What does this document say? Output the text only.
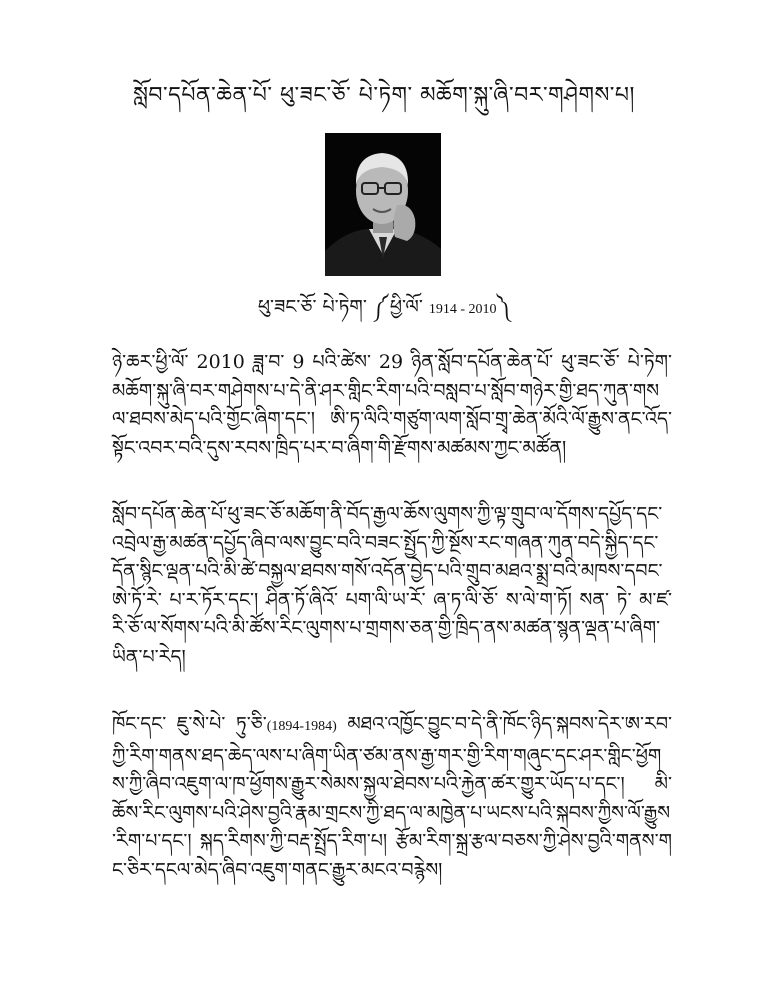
སློབ་དཔོན་ཆེན་པོ་ ཕུ་ཟང་ཅོ་ པེ་ཏེག་ མཆོག་སྐུ་ཞི་བར་གཤེགས་པ།
ཕུ་ཟང་ཅོ་ པེ་ཏེག་ ༼ཕྱི་ལོ་ 1914 - 2010༽
ཉེ་ཆར་ཕྱི་ལོ་ 2010 ཟླ་བ་ 9 པའི་ཚེས་ 29 ཉིན་སློབ་དཔོན་ཆེན་པོ་ ཕུ་ཟང་ཅོ་ པེ་ཏེག་ མཆོག་སྐུ་ཞི་བར་གཤེགས་པ་དེ་ནི་ཤར་གླིང་རིག་པའི་བསླབ་པ་སློབ་གཉེར་གྱི་ཐད་ཀུན་གསལ་ཐབས་མེད་པའི་གྱོང་ཞིག་དང་། ཨི་ཏ་ལིའི་གཙུག་ལག་སློབ་གྲྭ་ཆེན་མོའི་ལོ་རྒྱུས་ནང་འོད་སྟོང་འབར་བའི་དུས་རབས་ཁྲིད་པར་བ་ཞིག་གི་རྫོགས་མཚམས་ཀྱང་མཚོན།
སློབ་དཔོན་ཆེན་པོ་ཕུ་ཟང་ཅོ་མཆོག་ནི་བོད་རྒྱལ་ཆོས་ལུགས་ཀྱི་ལྟ་གྲུབ་ལ་དོགས་དཔྱོད་དང་འབྲེལ་རྒྱ་མཚན་དཔྱོད་ཞིབ་ལས་བྱུང་བའི་བཟང་སྤྱོད་ཀྱི་སྔོས་རང་གཞན་ཀུན་བདེ་སྐྱིད་དང་དོན་སྙིང་ལྡན་པའི་མི་ཚེ་བསྐྱལ་ཐབས་གསོ་འདོན་བྱེད་པའི་གྲུབ་མཐའ་སྨྲ་བའི་མཁས་དབང་ཨེ་ཏོ་རེ་ པ་ར་ཏོར་དང་། ཤིན་ཏོ་ཞིའོ་ པག་ལི་ཡ་རོ་ ཞ་ཏ་ལི་ཅོ་ ས་ལེ་ག་ཏོ། སན་ ཏེ་ མ་ཛ་རི་ཅོ་ལ་སོགས་པའི་མི་ཚོས་རིང་ལུགས་པ་གྲགས་ཅན་གྱི་ཁྲིད་ནས་མཚན་སྙན་ལྡན་པ་ཞིག་ཡིན་པ་རེད།
ཁོང་དང་ ཇུ་སེ་པེ་ ཏུ་ཅི་(1894-1984) མཐའ་འཁྱོང་བྱུང་བ་དེ་ནི་ཁོང་ཉིད་སྐབས་དེར་ཨ་རབ་ ཀྱི་རིག་གནས་ཐད་ཆེད་ལས་པ་ཞིག་ཡིན་ཙམ་ནས་རྒྱ་གར་གྱི་རིག་གཞུང་དང་ཤར་གླིང་ཕྱོགས་ཀྱི་ཞིབ་འཇུག་ལ་ཁ་ཕྱོགས་རྒྱུར་སེམས་སྐྱལ་ཐེབས་པའི་རྐྱེན་ཚར་གྱུར་ཡོད་པ་དང་། མི་ཆོས་རིང་ལུགས་པའི་ཤེས་བྱའི་རྣམ་གྲངས་ཀྱི་ཐད་ལ་མཁྱེན་པ་ཡངས་པའི་སྐབས་ཀྱིས་ལོ་རྒྱུས་རིག་པ་དང་། སྐད་རིགས་ཀྱི་བརྡ་སྤྲོད་རིག་པ། རྩོམ་རིག་སྐྲ་རྩལ་བཅས་ཀྱི་ཤེས་བྱའི་གནས་གང་ཅིར་དངལ་མེད་ཞིབ་འཇུག་གནང་རྒྱུར་མངའ་བརྙེས།
